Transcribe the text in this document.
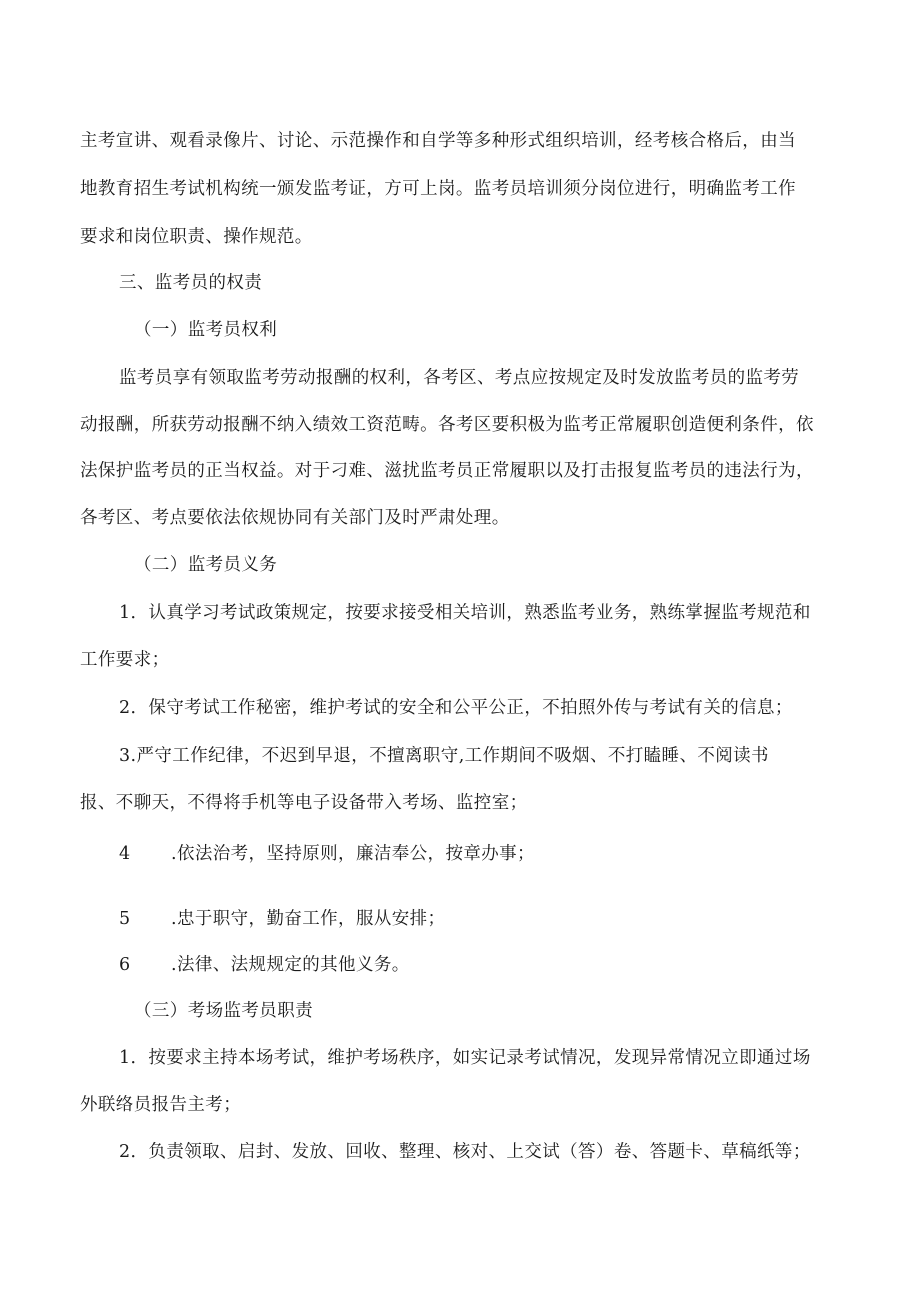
主考宣讲、观看录像片、讨论、示范操作和自学等多种形式组织培训，经考核合格后，由当
地教育招生考试机构统一颁发监考证，方可上岗。监考员培训须分岗位进行，明确监考工作
要求和岗位职责、操作规范。
三、监考员的权责
（一）监考员权利
监考员享有领取监考劳动报酬的权利，各考区、考点应按规定及时发放监考员的监考劳
动报酬，所获劳动报酬不纳入绩效工资范畴。各考区要积极为监考正常履职创造便利条件，依
法保护监考员的正当权益。对于刁难、滋扰监考员正常履职以及打击报复监考员的违法行为，
各考区、考点要依法依规协同有关部门及时严肃处理。
（二）监考员义务
1．认真学习考试政策规定，按要求接受相关培训，熟悉监考业务，熟练掌握监考规范和
工作要求；
2．保守考试工作秘密，维护考试的安全和公平公正，不拍照外传与考试有关的信息；
3.严守工作纪律，不迟到早退，不擅离职守,工作期间不吸烟、不打瞌睡、不阅读书
报、不聊天，不得将手机等电子设备带入考场、监控室；
4 .依法治考，坚持原则，廉洁奉公，按章办事；
5 .忠于职守，勤奋工作，服从安排；
6 .法律、法规规定的其他义务。
（三）考场监考员职责
1．按要求主持本场考试，维护考场秩序，如实记录考试情况，发现异常情况立即通过场
外联络员报告主考；
2．负责领取、启封、发放、回收、整理、核对、上交试（答）卷、答题卡、草稿纸等；
